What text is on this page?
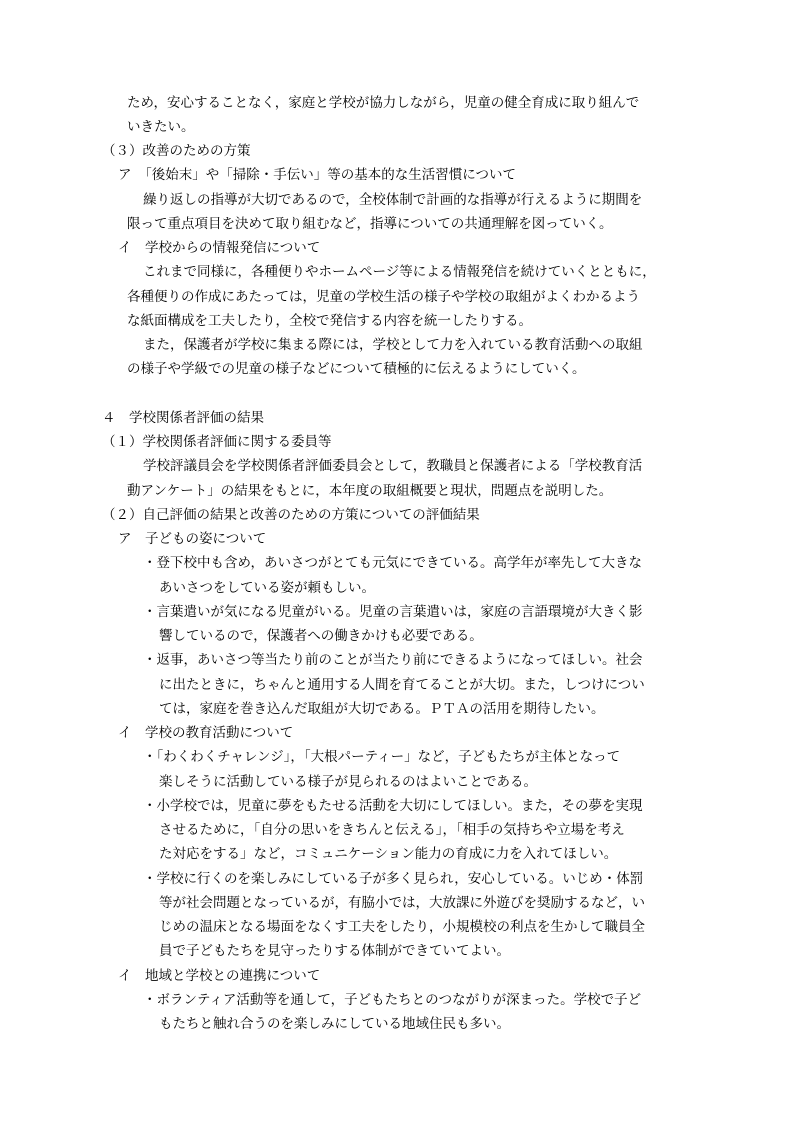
ため，安心することなく，家庭と学校が協力しながら，児童の健全育成に取り組んで
いきたい。
（３）改善のための方策
ア　「後始末」や「掃除・手伝い」等の基本的な生活習慣について
繰り返しの指導が大切であるので，全校体制で計画的な指導が行えるように期間を
限って重点項目を決めて取り組むなど，指導についての共通理解を図っていく。
イ　学校からの情報発信について
これまで同様に，各種便りやホームページ等による情報発信を続けていくとともに，
各種便りの作成にあたっては，児童の学校生活の様子や学校の取組がよくわかるよう
な紙面構成を工夫したり，全校で発信する内容を統一したりする。
また，保護者が学校に集まる際には，学校として力を入れている教育活動への取組
の様子や学級での児童の様子などについて積極的に伝えるようにしていく。
４　学校関係者評価の結果
（１）学校関係者評価に関する委員等
学校評議員会を学校関係者評価委員会として，教職員と保護者による「学校教育活
動アンケート」の結果をもとに，本年度の取組概要と現状，問題点を説明した。
（２）自己評価の結果と改善のための方策についての評価結果
ア　子どもの姿について
・登下校中も含め，あいさつがとても元気にできている。高学年が率先して大きな
あいさつをしている姿が頼もしい。
・言葉遣いが気になる児童がいる。児童の言葉遣いは，家庭の言語環境が大きく影
響しているので，保護者への働きかけも必要である。
・返事，あいさつ等当たり前のことが当たり前にできるようになってほしい。社会
に出たときに，ちゃんと通用する人間を育てることが大切。また，しつけについ
ては，家庭を巻き込んだ取組が大切である。ＰＴＡの活用を期待したい。
イ　学校の教育活動について
・「わくわくチャレンジ」，「大根パーティー」など，子どもたちが主体となって
楽しそうに活動している様子が見られるのはよいことである。
・小学校では，児童に夢をもたせる活動を大切にしてほしい。また，その夢を実現
させるために，「自分の思いをきちんと伝える」，「相手の気持ちや立場を考え
た対応をする」など，コミュニケーション能力の育成に力を入れてほしい。
・学校に行くのを楽しみにしている子が多く見られ，安心している。いじめ・体罰
等が社会問題となっているが，有脇小では，大放課に外遊びを奨励するなど，い
じめの温床となる場面をなくす工夫をしたり，小規模校の利点を生かして職員全
員で子どもたちを見守ったりする体制ができていてよい。
イ　地域と学校との連携について
・ボランティア活動等を通して，子どもたちとのつながりが深まった。学校で子ど
もたちと触れ合うのを楽しみにしている地域住民も多い。
